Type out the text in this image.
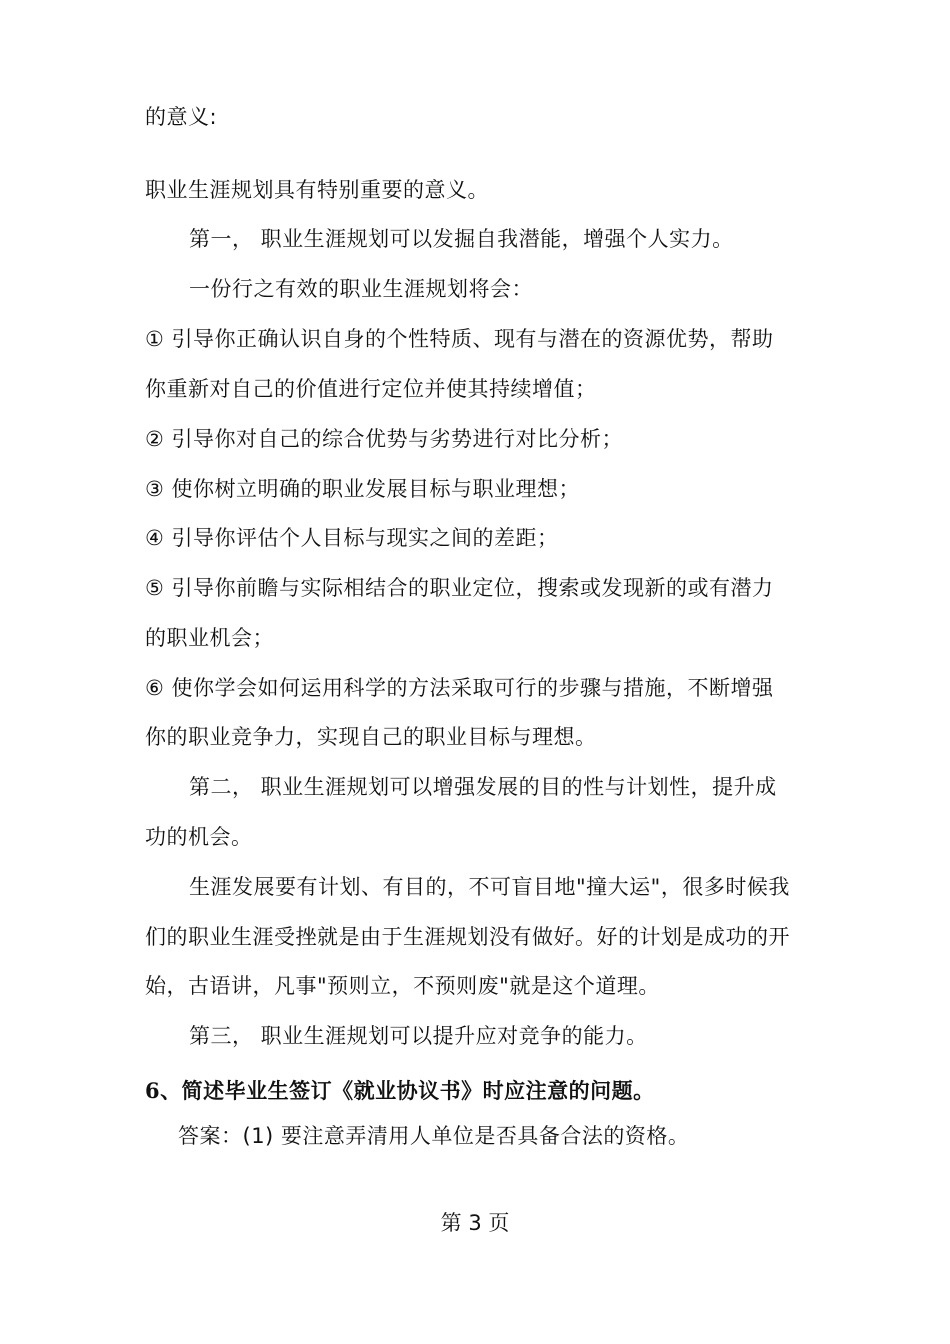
的意义:
职业生涯规划具有特别重要的意义。
第一， 职业生涯规划可以发掘自我潜能，增强个人实力。
一份行之有效的职业生涯规划将会：
① 引导你正确认识自身的个性特质、现有与潜在的资源优势，帮助
你重新对自己的价值进行定位并使其持续增值；
② 引导你对自己的综合优势与劣势进行对比分析；
③ 使你树立明确的职业发展目标与职业理想；
④ 引导你评估个人目标与现实之间的差距；
⑤ 引导你前瞻与实际相结合的职业定位，搜索或发现新的或有潜力
的职业机会；
⑥ 使你学会如何运用科学的方法采取可行的步骤与措施，不断增强
你的职业竞争力，实现自己的职业目标与理想。
第二， 职业生涯规划可以增强发展的目的性与计划性，提升成
功的机会。
生涯发展要有计划、有目的，不可盲目地"撞大运"，很多时候我
们的职业生涯受挫就是由于生涯规划没有做好。好的计划是成功的开
始，古语讲，凡事"预则立，不预则废"就是这个道理。
第三， 职业生涯规划可以提升应对竞争的能力。
6、简述毕业生签订《就业协议书》时应注意的问题。
答案：(1) 要注意弄清用人单位是否具备合法的资格。
第 3 页
